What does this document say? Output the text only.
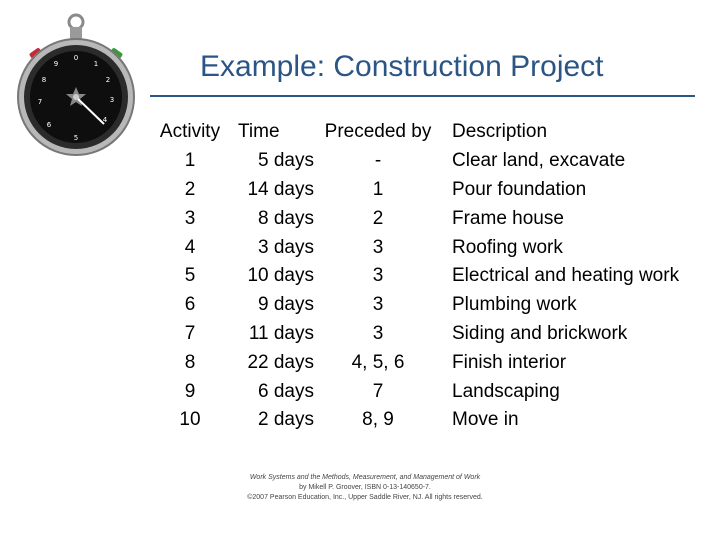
0
1
2
3
4
5
6
7
8
9	Example: Construction Project
Activity	Time	Preceded by	Description
1	5 days	-	Clear land, excavate
2	14 days	1	Pour foundation
3	8 days	2	Frame house
4	3 days	3	Roofing work
5	10 days	3	Electrical and heating work
6	9 days	3	Plumbing work
7	11 days	3	Siding and brickwork
8	22 days	4, 5, 6	Finish interior
9	6 days	7	Landscaping
10	2 days	8, 9	Move in
Work Systems and the Methods, Measurement, and Management of Work
by Mikell P. Groover, ISBN 0-13-140650-7.
©2007 Pearson Education, Inc., Upper Saddle River, NJ. All rights reserved.
